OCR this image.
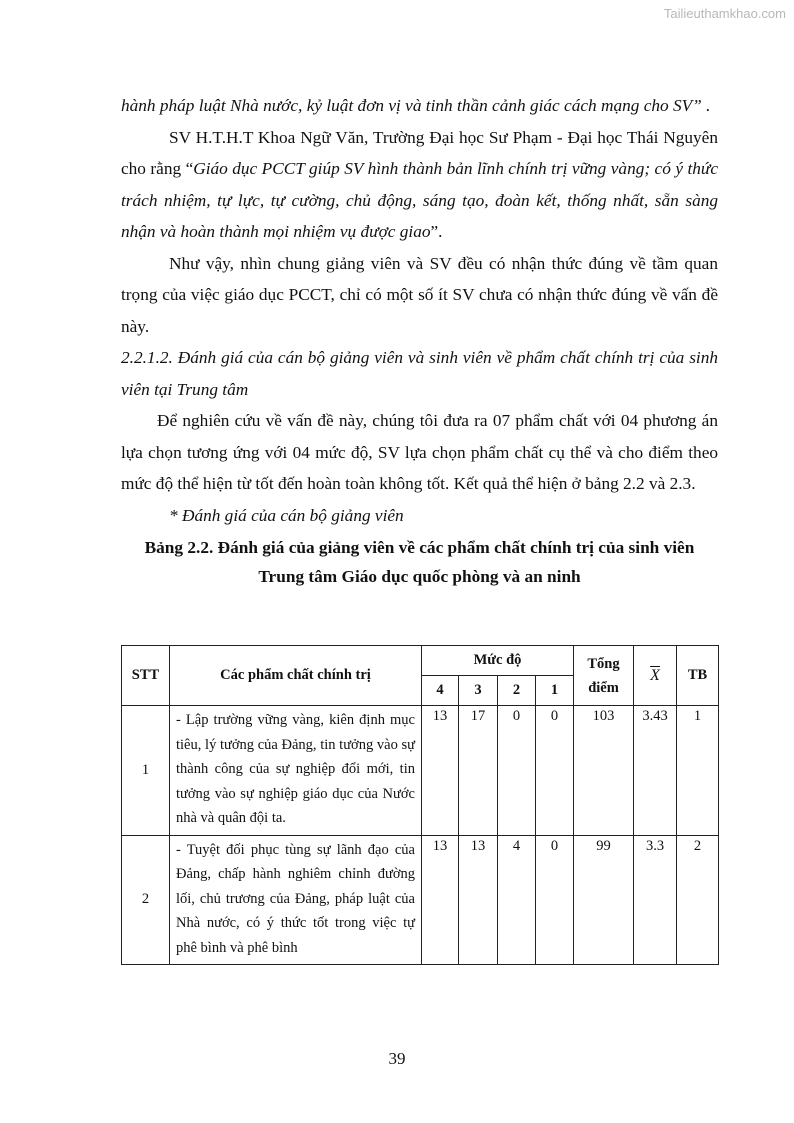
Tailieuthamkhao.com

hành pháp luật Nhà nước, kỷ luật đơn vị và tinh thần cảnh giác cách mạng cho SV” .

SV H.T.H.T Khoa Ngữ Văn, Trường Đại học Sư Phạm - Đại học Thái Nguyên cho rằng “Giáo dục PCCT giúp SV hình thành bản lĩnh chính trị vững vàng; có ý thức trách nhiệm, tự lực, tự cường, chủ động, sáng tạo, đoàn kết, thống nhất, sẵn sàng nhận và hoàn thành mọi nhiệm vụ được giao”.

Như vậy, nhìn chung giảng viên và SV đều có nhận thức đúng về tầm quan trọng của việc giáo dục PCCT, chỉ có một số ít SV chưa có nhận thức đúng về vấn đề này.

2.2.1.2. Đánh giá của cán bộ giảng viên và sinh viên về phẩm chất chính trị của sinh viên tại Trung tâm

Để nghiên cứu về vấn đề này, chúng tôi đưa ra 07 phẩm chất với 04 phương án lựa chọn tương ứng với 04 mức độ, SV lựa chọn phẩm chất cụ thể và cho điểm theo mức độ thể hiện từ tốt đến hoàn toàn không tốt. Kết quả thể hiện ở bảng 2.2 và 2.3.

* Đánh giá của cán bộ giảng viên

Bảng 2.2. Đánh giá của giảng viên về các phẩm chất chính trị của sinh viên Trung tâm Giáo dục quốc phòng và an ninh

STT	Các phẩm chất chính trị	Mức độ				Tổng điểm	$\overline{X}$	TB
		4	3	2	1			
1	- Lập trường vững vàng, kiên định mục tiêu, lý tưởng của Đảng, tin tưởng vào sự thành công của sự nghiệp đổi mới, tin tưởng vào sự nghiệp giáo dục của Nước nhà và quân đội ta.	13	17	0	0	103	3.43	1
2	- Tuyệt đối phục tùng sự lãnh đạo của Đảng, chấp hành nghiêm chỉnh đường lối, chủ trương của Đảng, pháp luật của Nhà nước, có ý thức tốt trong việc tự phê bình và phê bình	13	13	4	0	99	3.3	2
39
